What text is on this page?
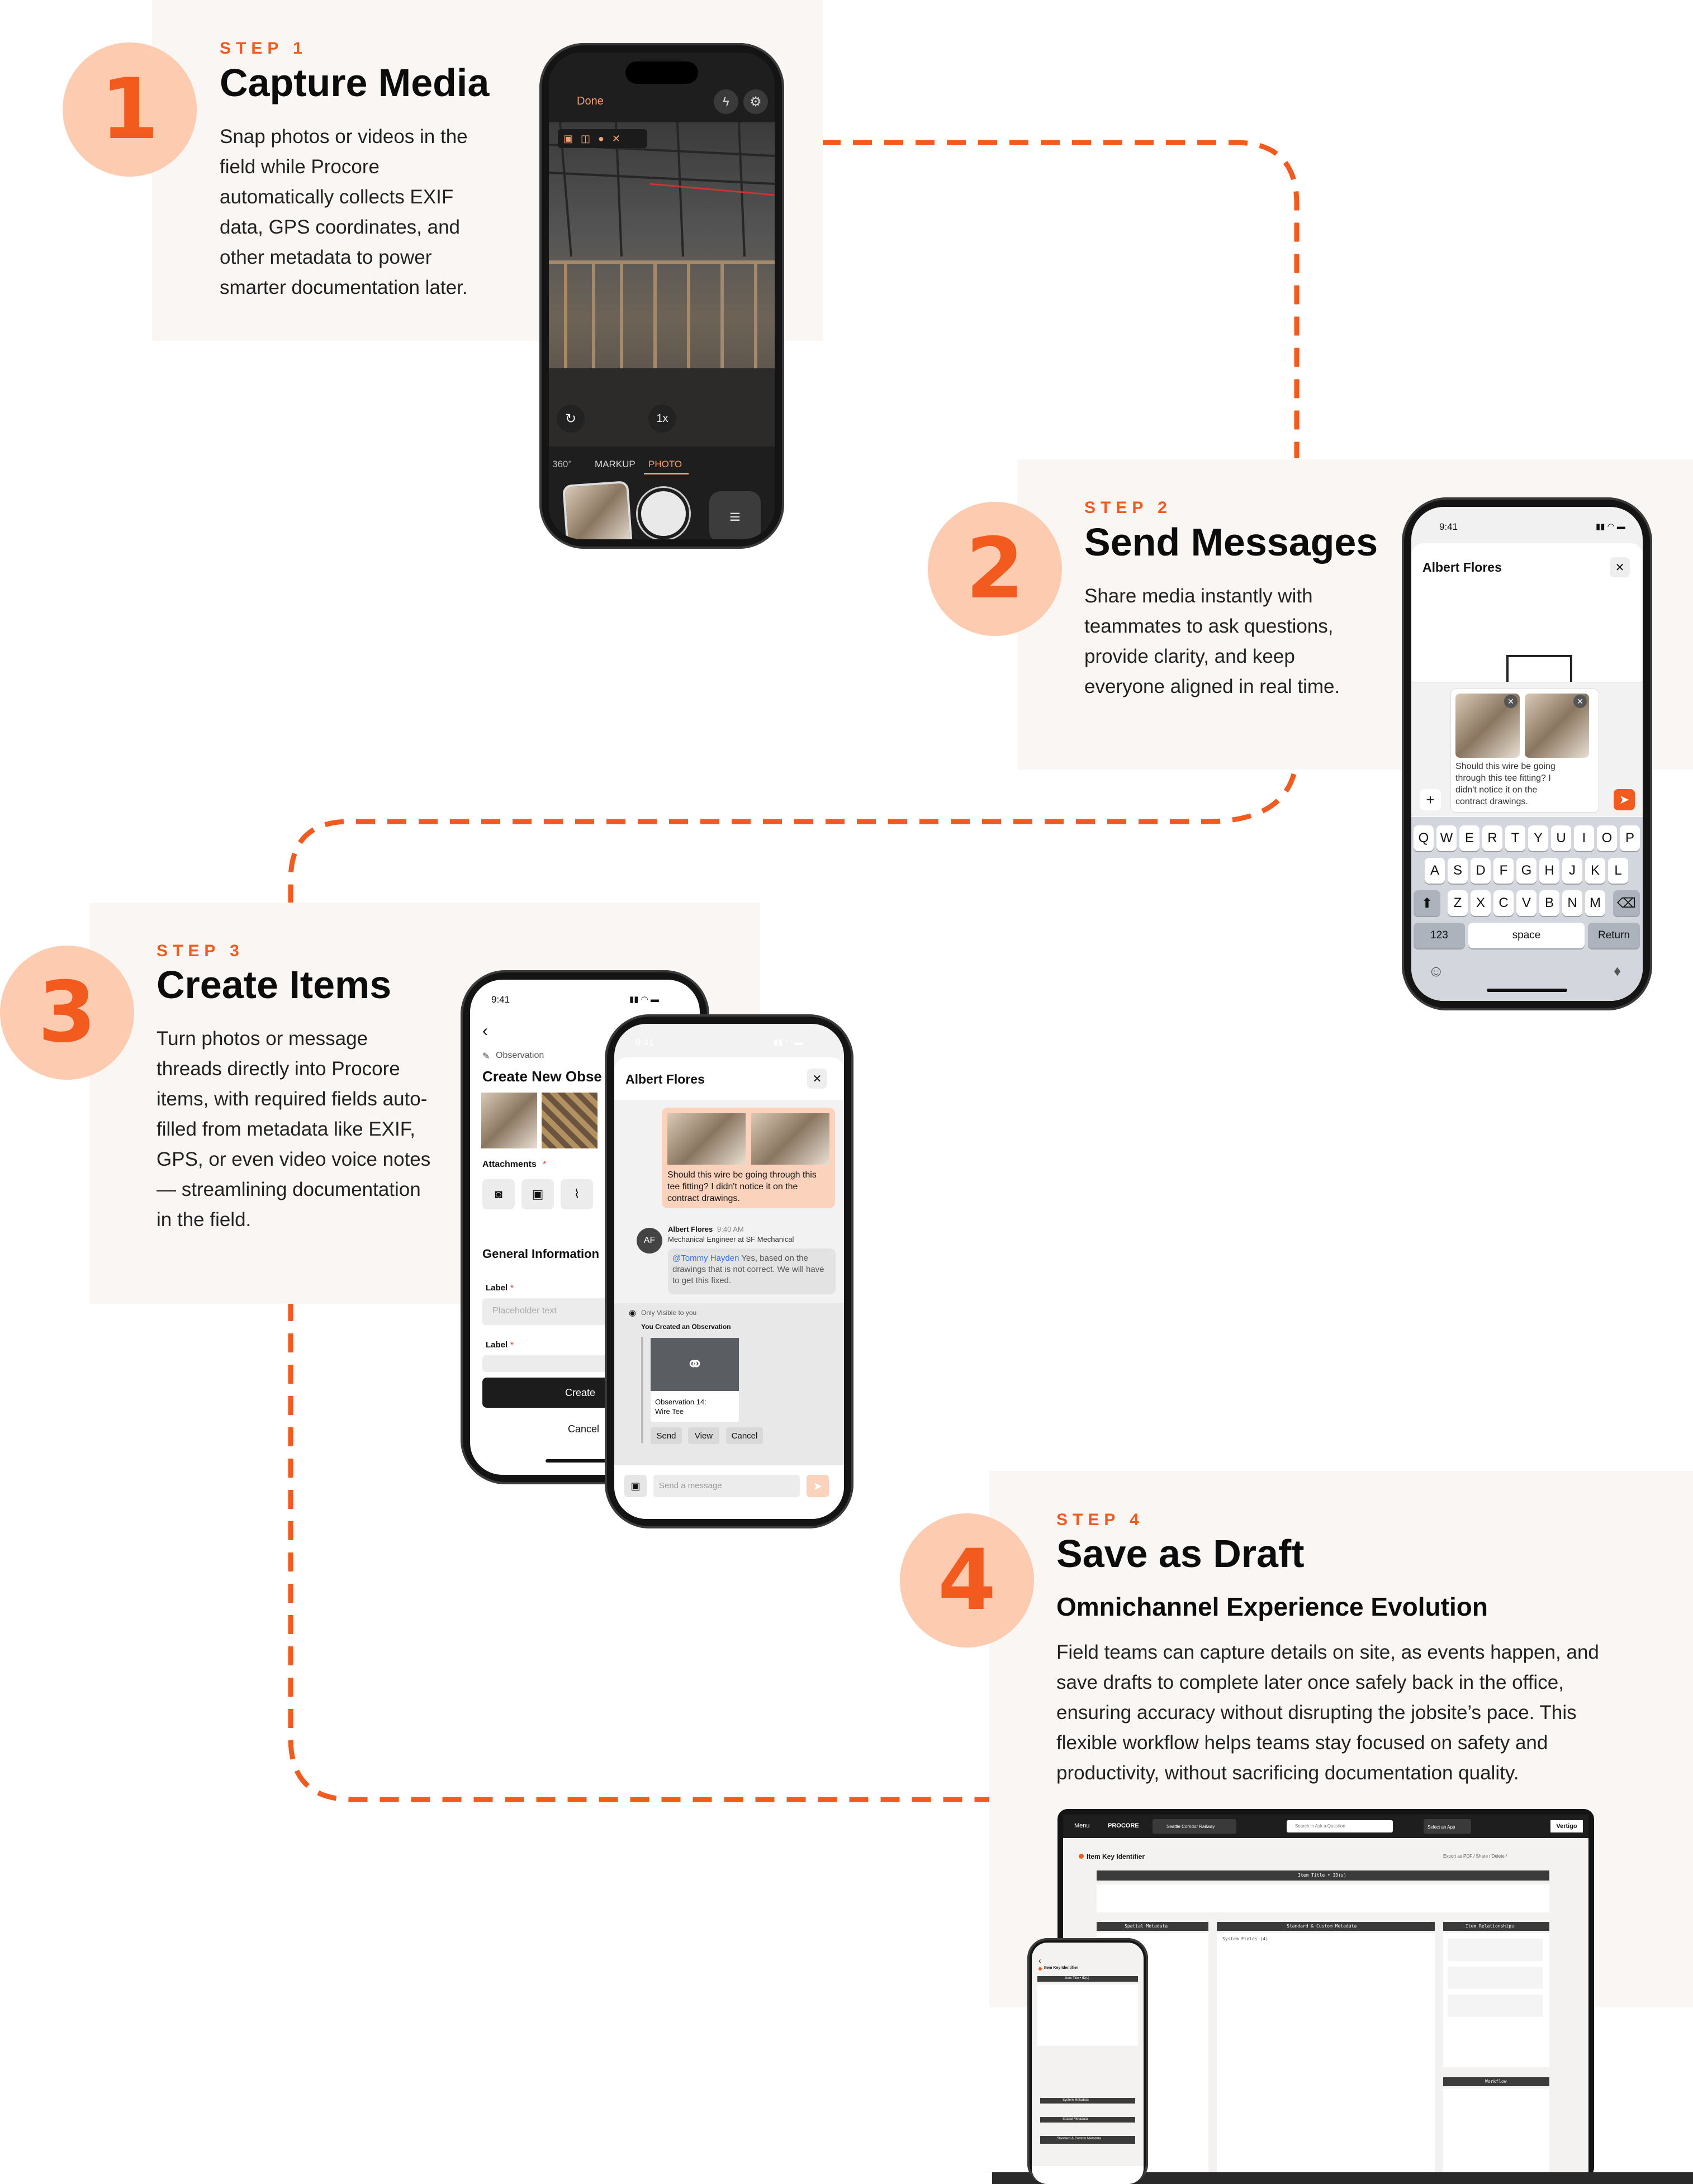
1
STEP 1
Capture Media
Snap photos or videos in the field while Procore automatically collects EXIF data, GPS coordinates, and other metadata to power smarter documentation later.
Done	ϟ	⚙
▣ ◫ ● ✕
↻	1x
360° MARKUP PHOTO
≡
2
STEP 2
Send Messages
Share media instantly with teammates to ask questions, provide clarity, and keep everyone aligned in real time.
9:41	▮▮ ◠ ▬
Albert Flores	✕
✕	✕
Should this wire be going through this tee fitting? I didn't notice it on the contract drawings.
+	➤
Q W E	R	T	Y	U	I	O P
A	S	D	F	G H	J	K	L
⬆	Z	X	C	V	B	N M	⌫
123	space	Return
☺	♦
3
STEP 3
Create Items
Turn photos or message threads directly into Procore items, with required fields auto-filled from metadata like EXIF, GPS, or even video voice notes — streamlining documentation in the field.
9:41	▮▮ ◠ ▬
‹
✎ Observation
Create New Obse
Attachments *
◙	▣	⌇
General Information
Label *
Placeholder text
Label *
Create
Cancel
9:41	▮▮ ◠ ▬
Albert Flores	✕
Should this wire be going through this tee fitting? I didn't notice it on the contract drawings.
AF
Albert Flores 9:40 AM
Mechanical Engineer at SF Mechanical
@Tommy Hayden Yes, based on the drawings that is not correct. We will have to get this fixed.
◉ Only Visible to you
You Created an Observation
⚭
Observation 14: Wire Tee
Send	View	Cancel
▣	Send a message	➤
4
STEP 4
Save as Draft
Omnichannel Experience Evolution
Field teams can capture details on site, as events happen, and save drafts to complete later once safely back in the office, ensuring accuracy without disrupting the jobsite’s pace. This flexible workflow helps teams stay focused on safety and productivity, without sacrificing documentation quality.
Menu	PROCORE	Seattle Corridor Railway	Search in Ask a Question	Select an App	Vertigo
Item Key Identifier	Export as PDF / Share / Delete /
Item Title • ID(s)
Spatial Metadata	Standard & Custom Metadata	Item Relationships
System Fields (4)
Workflow
‹
Item Key Identifier
Item Title • ID(s)
System Metadata
Spatial Metadata
Standard & Custom Metadata
